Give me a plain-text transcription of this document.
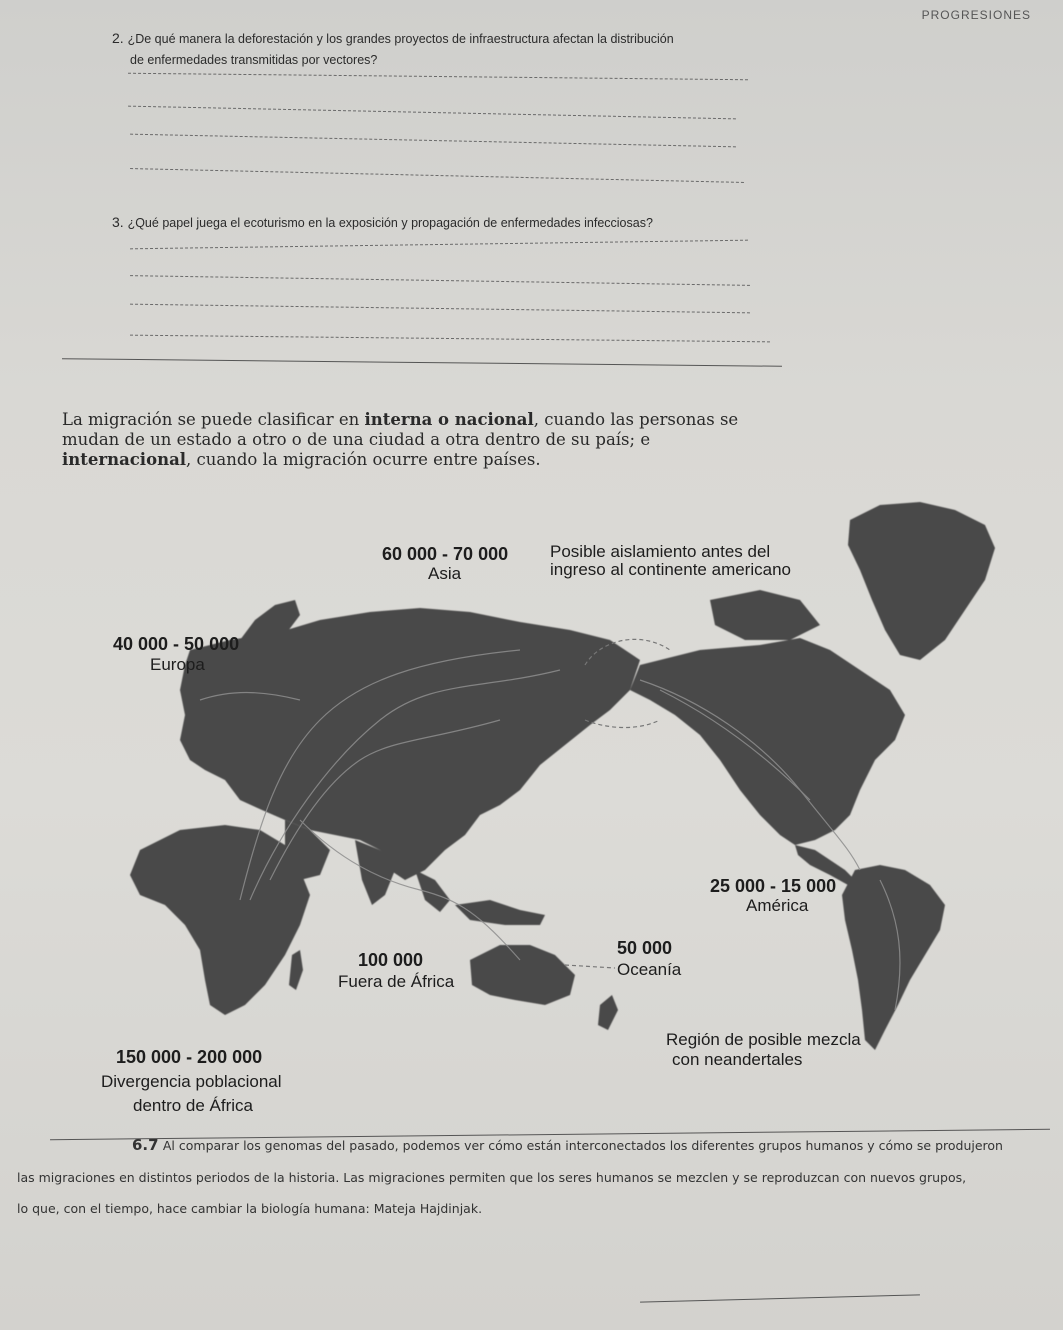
PROGRESIONES
2. ¿De qué manera la deforestación y los grandes proyectos de infraestructura afectan la distribución
de enfermedades transmitidas por vectores?
3. ¿Qué papel juega el ecoturismo en la exposición y propagación de enfermedades infecciosas?
La migración se puede clasificar en interna o nacional, cuando las personas se mudan de un estado a otro o de una ciudad a otra dentro de su país; e internacional, cuando la migración ocurre entre países.
60 000 - 70 000
Asia
Posible aislamiento antes del
ingreso al continente americano
40 000 - 50 000
Europa
25 000 - 15 000
América
100 000
Fuera de África
50 000
Oceanía
Región de posible mezcla
con neandertales
150 000 - 200 000
Divergencia poblacional
dentro de África
6.7 Al comparar los genomas del pasado, podemos ver cómo están interconectados los diferentes grupos humanos y cómo se produjeron
las migraciones en distintos periodos de la historia. Las migraciones permiten que los seres humanos se mezclen y se reproduzcan con nuevos grupos,
lo que, con el tiempo, hace cambiar la biología humana: Mateja Hajdinjak.
